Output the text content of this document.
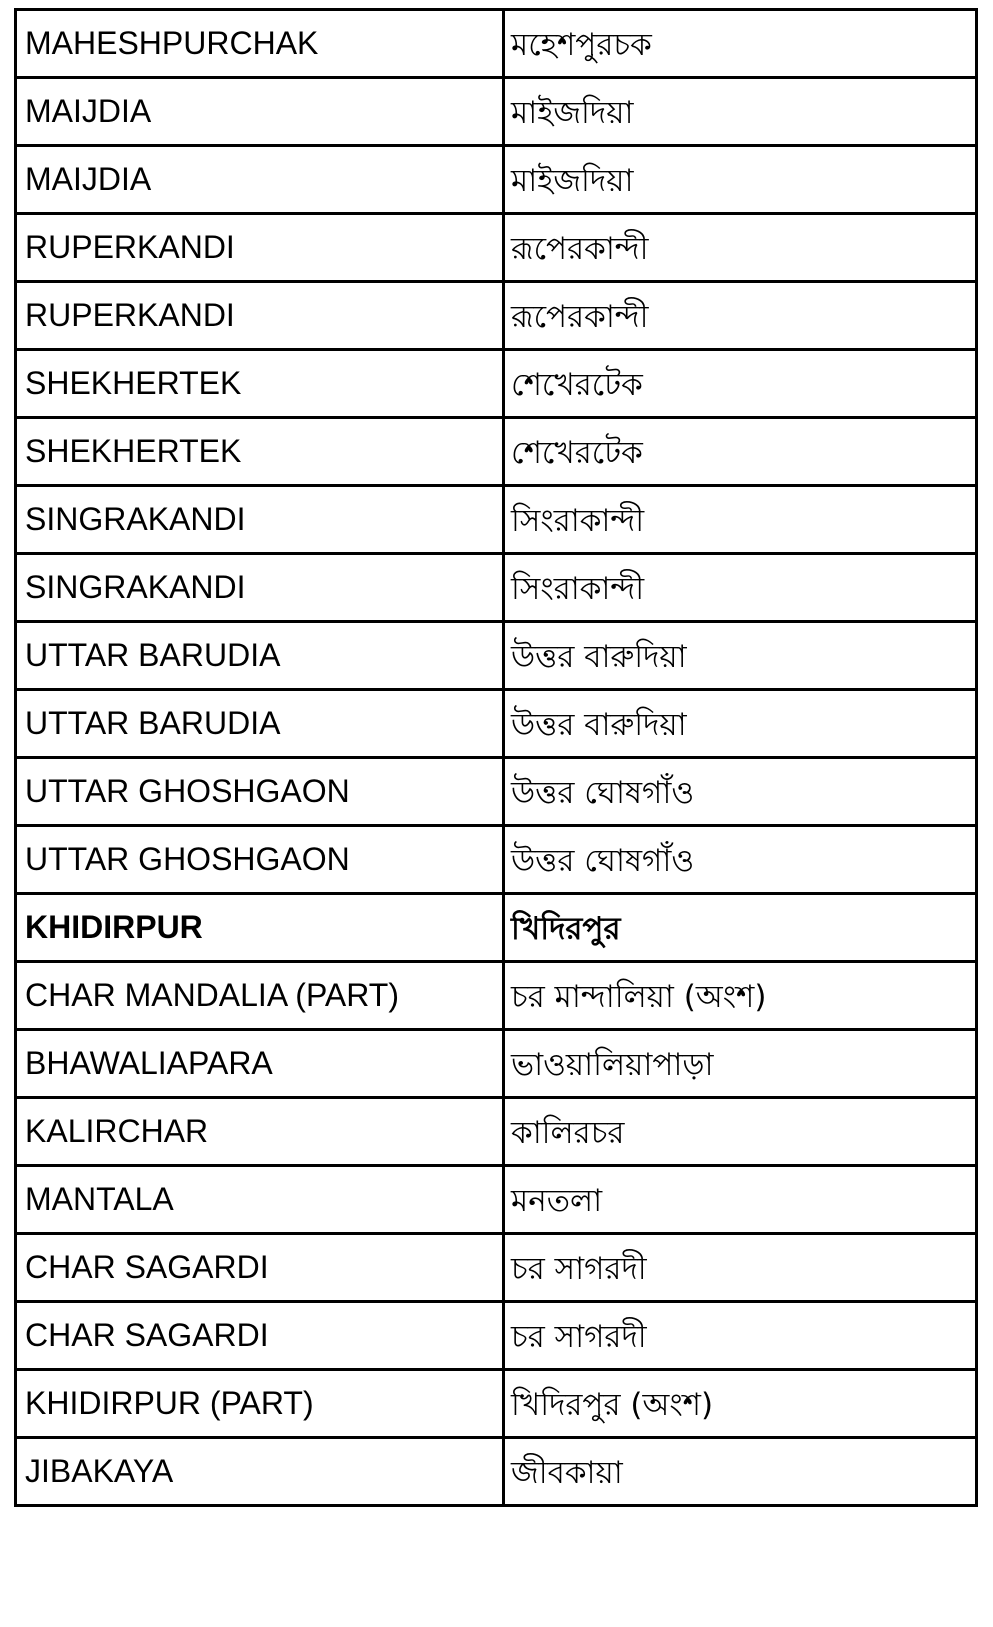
MAHESHPURCHAK	মহেশপুরচক
MAIJDIA	মাইজদিয়া
MAIJDIA	মাইজদিয়া
RUPERKANDI	রূপেরকান্দী
RUPERKANDI	রূপেরকান্দী
SHEKHERTEK	শেখেরটেক
SHEKHERTEK	শেখেরটেক
SINGRAKANDI	সিংরাকান্দী
SINGRAKANDI	সিংরাকান্দী
UTTAR BARUDIA	উত্তর বারুদিয়া
UTTAR BARUDIA	উত্তর বারুদিয়া
UTTAR GHOSHGAON	উত্তর ঘোষগাঁও
UTTAR GHOSHGAON	উত্তর ঘোষগাঁও
KHIDIRPUR	খিদিরপুর
CHAR MANDALIA (PART)	চর মান্দালিয়া (অংশ)
BHAWALIAPARA	ভাওয়ালিয়াপাড়া
KALIRCHAR	কালিরচর
MANTALA	মনতলা
CHAR SAGARDI	চর সাগরদী
CHAR SAGARDI	চর সাগরদী
KHIDIRPUR (PART)	খিদিরপুর (অংশ)
JIBAKAYA	জীবকায়া
